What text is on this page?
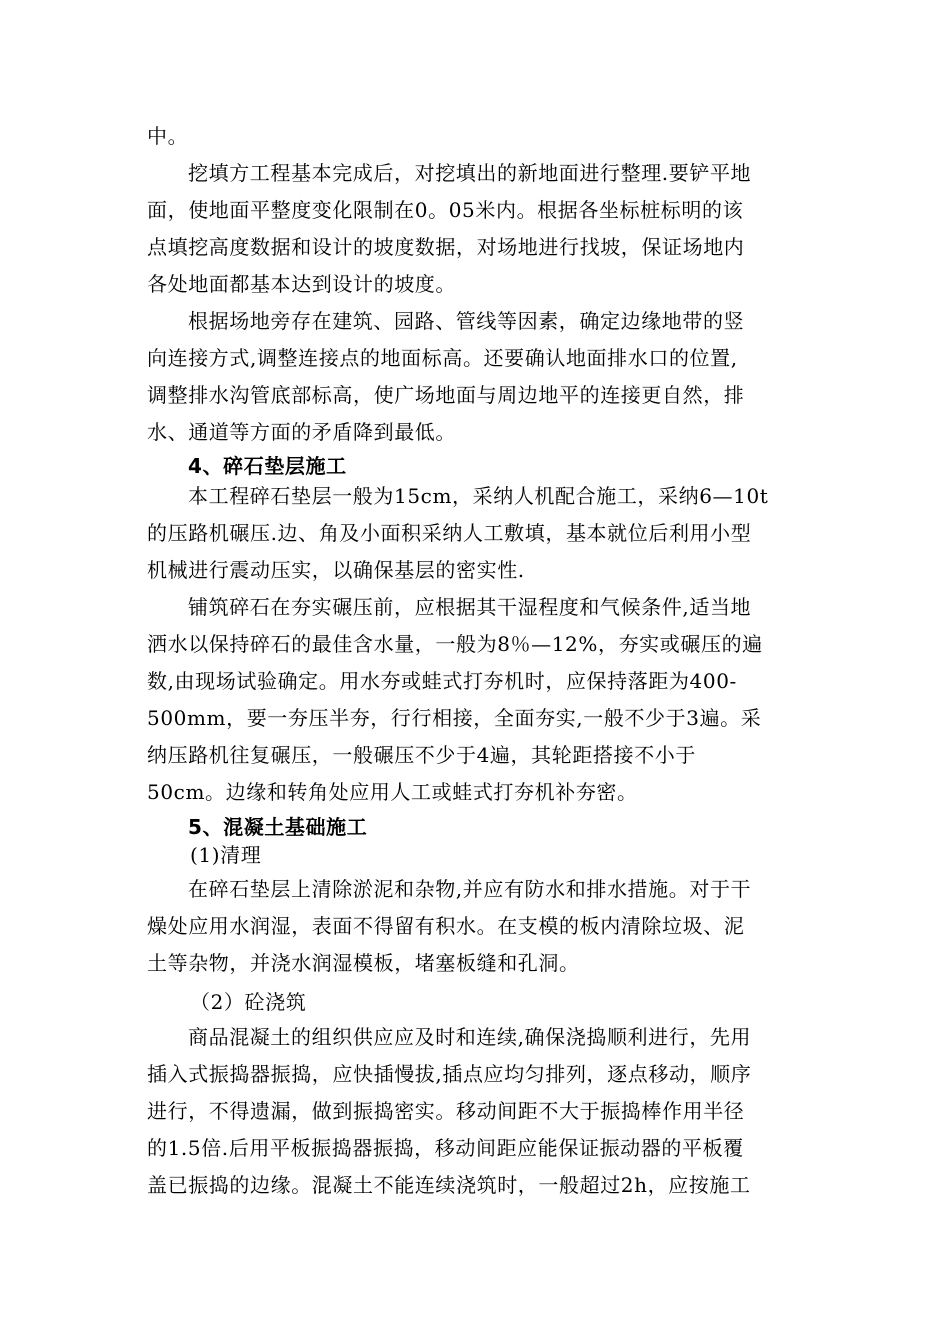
中。
挖填方工程基本完成后，对挖填出的新地面进行整理.要铲平地
面，使地面平整度变化限制在0。05米内。根据各坐标桩标明的该
点填挖高度数据和设计的坡度数据，对场地进行找坡，保证场地内
各处地面都基本达到设计的坡度。
根据场地旁存在建筑、园路、管线等因素，确定边缘地带的竖
向连接方式,调整连接点的地面标高。还要确认地面排水口的位置,
调整排水沟管底部标高，使广场地面与周边地平的连接更自然，排
水、通道等方面的矛盾降到最低。
4、碎石垫层施工
本工程碎石垫层一般为15cm，采纳人机配合施工，采纳6—10t
的压路机碾压.边、角及小面积采纳人工敷填，基本就位后利用小型
机械进行震动压实，以确保基层的密实性.
铺筑碎石在夯实碾压前，应根据其干湿程度和气候条件,适当地
洒水以保持碎石的最佳含水量，一般为8％—12%，夯实或碾压的遍
数,由现场试验确定。用水夯或蛙式打夯机时，应保持落距为400-
500mm，要一夯压半夯，行行相接，全面夯实,一般不少于3遍。采
纳压路机往复碾压，一般碾压不少于4遍，其轮距搭接不小于
50cm。边缘和转角处应用人工或蛙式打夯机补夯密。
5、混凝土基础施工
(1)清理
在碎石垫层上清除淤泥和杂物,并应有防水和排水措施。对于干
燥处应用水润湿，表面不得留有积水。在支模的板内清除垃圾、泥
土等杂物，并浇水润湿模板，堵塞板缝和孔洞。
（2）砼浇筑
商品混凝土的组织供应应及时和连续,确保浇捣顺利进行，先用
插入式振捣器振捣，应快插慢拔,插点应均匀排列，逐点移动，顺序
进行，不得遗漏，做到振捣密实。移动间距不大于振捣棒作用半径
的1.5倍.后用平板振捣器振捣，移动间距应能保证振动器的平板覆
盖已振捣的边缘。混凝土不能连续浇筑时，一般超过2h，应按施工
